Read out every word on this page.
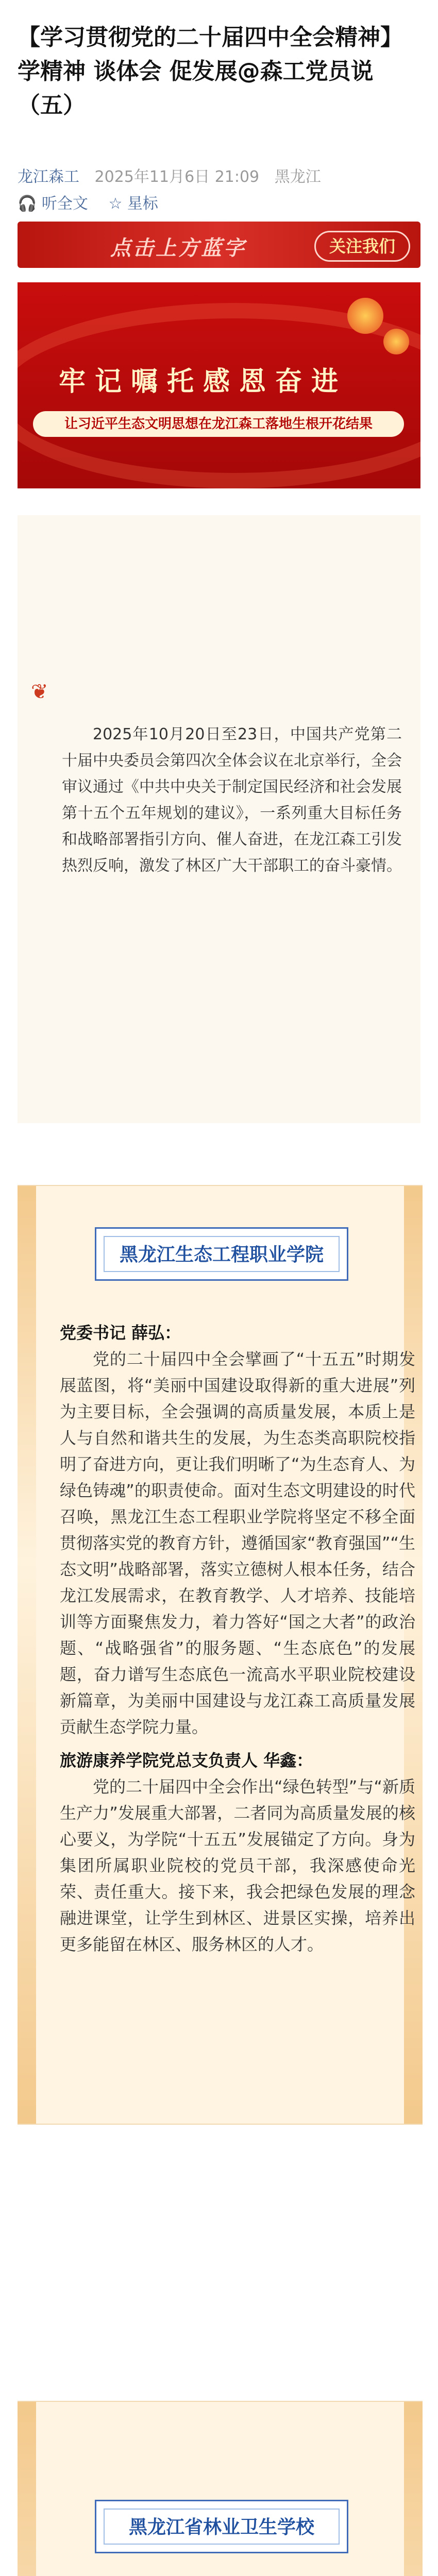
【学习贯彻党的二十届四中全会精神】学精神 谈体会 促发展@森工党员说（五）
龙江森工 2025年11月6日 21:09 黑龙江
🎧 听全文 ☆ 星标
点击上方蓝字	关注我们
牢记嘱托感恩奋进
让习近平生态文明思想在龙江森工落地生根开花结果
❦
2025年10月20日至23日，中国共产党第二十届中央委员会第四次全体会议在北京举行，全会审议通过《中共中央关于制定国民经济和社会发展第十五个五年规划的建议》，一系列重大目标任务和战略部署指引方向、催人奋进，在龙江森工引发热烈反响，激发了林区广大干部职工的奋斗豪情。
黑龙江生态工程职业学院

党委书记 薛弘：

党的二十届四中全会擘画了“十五五”时期发展蓝图，将“美丽中国建设取得新的重大进展”列为主要目标，全会强调的高质量发展，本质上是人与自然和谐共生的发展，为生态类高职院校指明了奋进方向，更让我们明晰了“为生态育人、为绿色铸魂”的职责使命。面对生态文明建设的时代召唤，黑龙江生态工程职业学院将坚定不移全面贯彻落实党的教育方针，遵循国家“教育强国”“生态文明”战略部署，落实立德树人根本任务，结合龙江发展需求，在教育教学、人才培养、技能培训等方面聚焦发力，着力答好“国之大者”的政治题、“战略强省”的服务题、“生态底色”的发展题，奋力谱写生态底色一流高水平职业院校建设新篇章，为美丽中国建设与龙江森工高质量发展贡献生态学院力量。

旅游康养学院党总支负责人 华鑫：

党的二十届四中全会作出“绿色转型”与“新质生产力”发展重大部署，二者同为高质量发展的核心要义，为学院“十五五”发展锚定了方向。身为集团所属职业院校的党员干部，我深感使命光荣、责任重大。接下来，我会把绿色发展的理念融进课堂，让学生到林区、进景区实操，培养出更多能留在林区、服务林区的人才。

黑龙江省林业卫生学校
